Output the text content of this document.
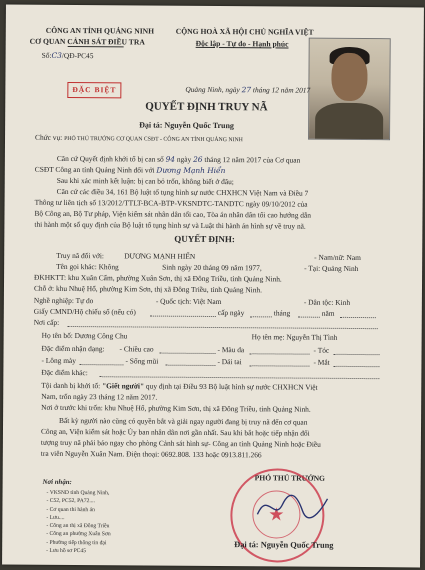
CÔNG AN TỈNH QUẢNG NINH
CƠ QUAN CẢNH SÁT ĐIỀU TRA
Số:C3/QĐ-PC45
ĐẶC BIỆT
CỘNG HOÀ XÃ HỘI CHỦ NGHĨA VIỆT
Độc lập - Tự do - Hạnh phúc
Quảng Ninh, ngày 27 tháng 12 năm 2017
QUYẾT ĐỊNH TRUY NÃ
Đại tá: Nguyễn Quốc Trung
Chức vụ: PHÓ THỦ TRƯỞNG CƠ QUAN CSĐT - CÔNG AN TỈNH QUẢNG NINH
Căn cứ Quyết định khởi tố bị can số 94 ngày 26 tháng 12 năm 2017 của Cơ quan
CSĐT Công an tỉnh Quảng Ninh đối với Dương Mạnh Hiển
Sau khi xác minh kết luận: bị can bỏ trốn, không biết ở đâu;
Căn cứ các điều 34, 161 Bộ luật tố tụng hình sự nước CHXHCN Việt Nam và Điều 7
Thông tư liên tịch số 13/2012/TTLT-BCA-BTP-VKSNDTC-TANDTC ngày 09/10/2012 của
Bộ Công an, Bộ Tư pháp, Viện kiểm sát nhân dân tối cao, Tòa án nhân dân tối cao hướng dẫn
thi hành một số quy định của Bộ luật tố tụng hình sự và Luật thi hành án hình sự về truy nã.
QUYẾT ĐỊNH:
Truy nã đối với:	DƯƠNG MẠNH HIỂN	- Nam/nữ: Nam
Tên gọi khác: Không	Sinh ngày 20 tháng 09 năm 1977,	- Tại: Quảng Ninh
ĐKHKTT: khu Xuân Cẩm, phường Xuân Sơn, thị xã Đông Triều, tỉnh Quảng Ninh.
Chỗ ở: khu Nhuệ Hổ, phường Kim Sơn, thị xã Đông Triều, tỉnh Quảng Ninh.
Nghề nghiệp: Tự do	- Quốc tịch: Việt Nam	- Dân tộc: Kinh
Giấy CMND/Hộ chiếu số (nếu có)	cấp ngày	tháng	năm
Nơi cấp:
Họ tên bố: Dương Công Chu	Họ tên mẹ: Nguyễn Thị Tình
Đặc điểm nhận dạng: - Chiều cao	- Màu da	- Tóc
- Lông mày	- Sống mũi	- Dái tai	- Mắt
Đặc điểm khác:
Tội danh bị khởi tố: "Giết người" quy định tại Điều 93 Bộ luật hình sự nước CHXHCN Việt
Nam, trốn ngày 23 tháng 12 năm 2017.
Nơi ở trước khi trốn: khu Nhuệ Hổ, phường Kim Sơn, thị xã Đông Triều, tỉnh Quảng Ninh.
Bất kỳ người nào cũng có quyền bắt và giải ngay người đang bị truy nã đến cơ quan
Công an, Viện kiểm sát hoặc Ủy ban nhân dân nơi gần nhất. Sau khi bắt hoặc tiếp nhận đối
tượng truy nã phải báo ngay cho phòng Cảnh sát hình sự- Công an tỉnh Quảng Ninh hoặc Điều
tra viên Nguyễn Xuân Nam. Điện thoại: 0692.808. 133 hoặc 0913.811.266
Nơi nhận:
- VKSND tỉnh Quảng Ninh,
- C52, PC52, PA72....
- Cơ quan thi hành án
- Lưu....
- Công an thị xã Đông Triều
- Công an phường Xuân Sơn
- Phường tiếp thông tin đại
- Lưu hồ sơ PC45
PHÓ THỦ TRƯỞNG
★
Đại tá: Nguyễn Quốc Trung
